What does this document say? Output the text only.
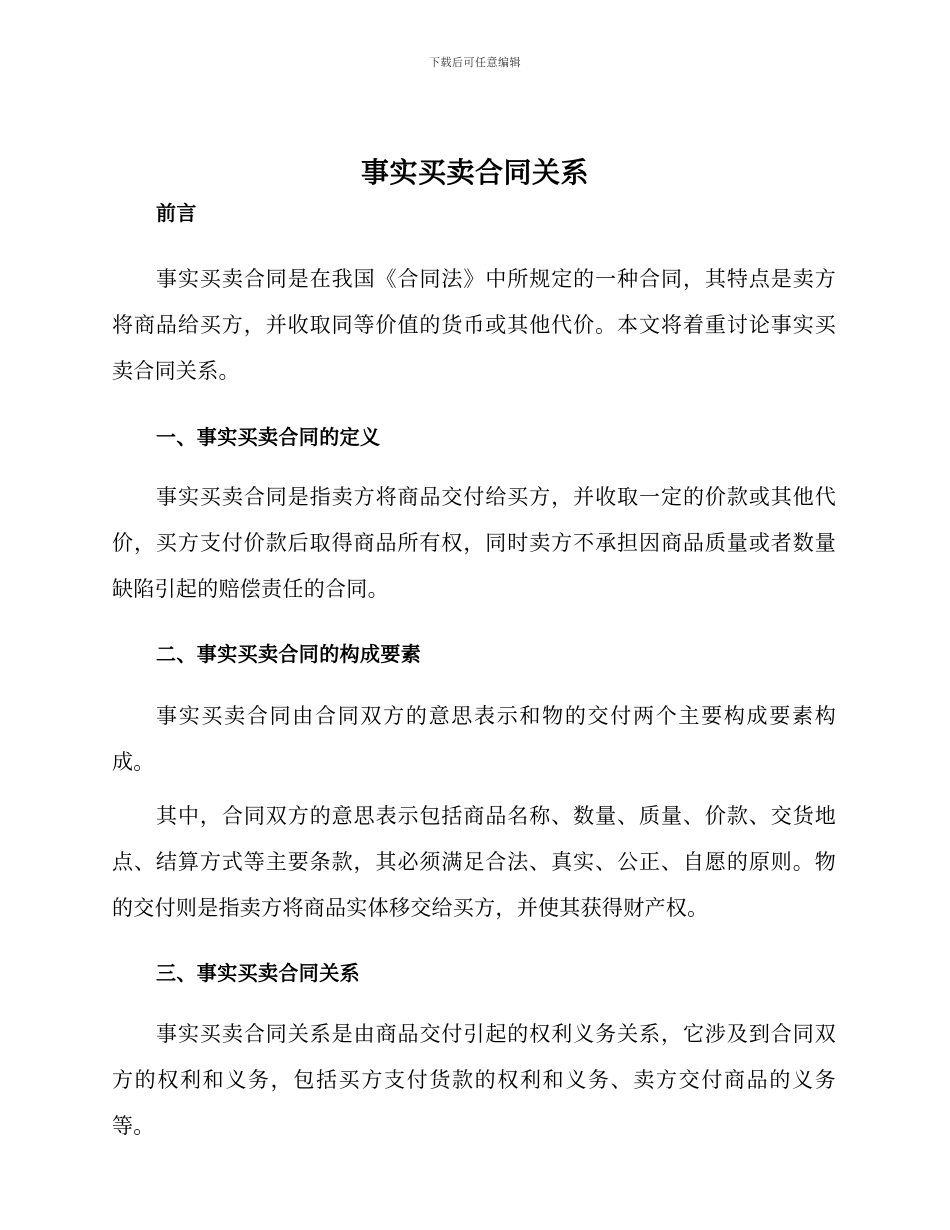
下载后可任意编辑
事实买卖合同关系

前言

事实买卖合同是在我国《合同法》中所规定的一种合同，其特点是卖方将商品给买方，并收取同等价值的货币或其他代价。本文将着重讨论事实买卖合同关系。

一、事实买卖合同的定义

事实买卖合同是指卖方将商品交付给买方，并收取一定的价款或其他代价，买方支付价款后取得商品所有权，同时卖方不承担因商品质量或者数量缺陷引起的赔偿责任的合同。

二、事实买卖合同的构成要素

事实买卖合同由合同双方的意思表示和物的交付两个主要构成要素构成。

其中，合同双方的意思表示包括商品名称、数量、质量、价款、交货地点、结算方式等主要条款，其必须满足合法、真实、公正、自愿的原则。物的交付则是指卖方将商品实体移交给买方，并使其获得财产权。

三、事实买卖合同关系

事实买卖合同关系是由商品交付引起的权利义务关系，它涉及到合同双方的权利和义务，包括买方支付货款的权利和义务、卖方交付商品的义务等。
